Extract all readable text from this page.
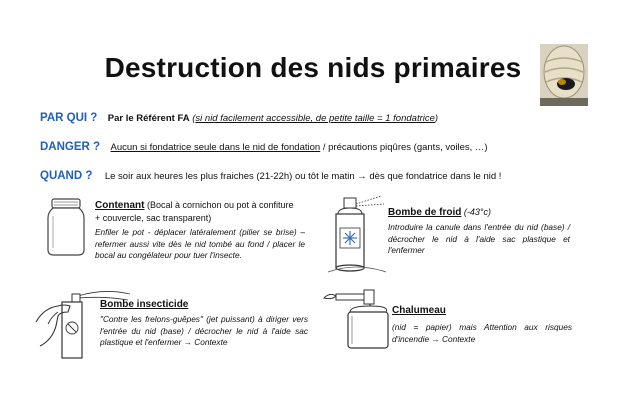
Destruction des nids primaires
PAR QUI ? Par le Référent FA (si nid facilement accessible, de petite taille = 1 fondatrice)
DANGER ? Aucun si fondatrice seule dans le nid de fondation / précautions piqûres (gants, voiles, …)
QUAND ? Le soir aux heures les plus fraiches (21-22h) ou tôt le matin → dès que fondatrice dans le nid !
Contenant (Bocal à cornichon ou pot à confiture
+ couvercle, sac transparent)
Enfiler le pot - déplacer latéralement (pilier se brise) – refermer aussi vite dès le nid tombé au fond / placer le bocal au congélateur pour tuer l'insecte.
Bombe de froid (-43°c)
Introduire la canule dans l'entrée du nid (base) / décrocher le nid à l'aide sac plastique et l'enfermer
Bombe insecticide
"Contre les frelons-guêpes" (jet puissant) à diriger vers l'entrée du nid (base) / décrocher le nid à l'aide sac plastique et l'enfermer → Contexte
Chalumeau
(nid = papier) mais Attention aux risques d'incendie → Contexte
